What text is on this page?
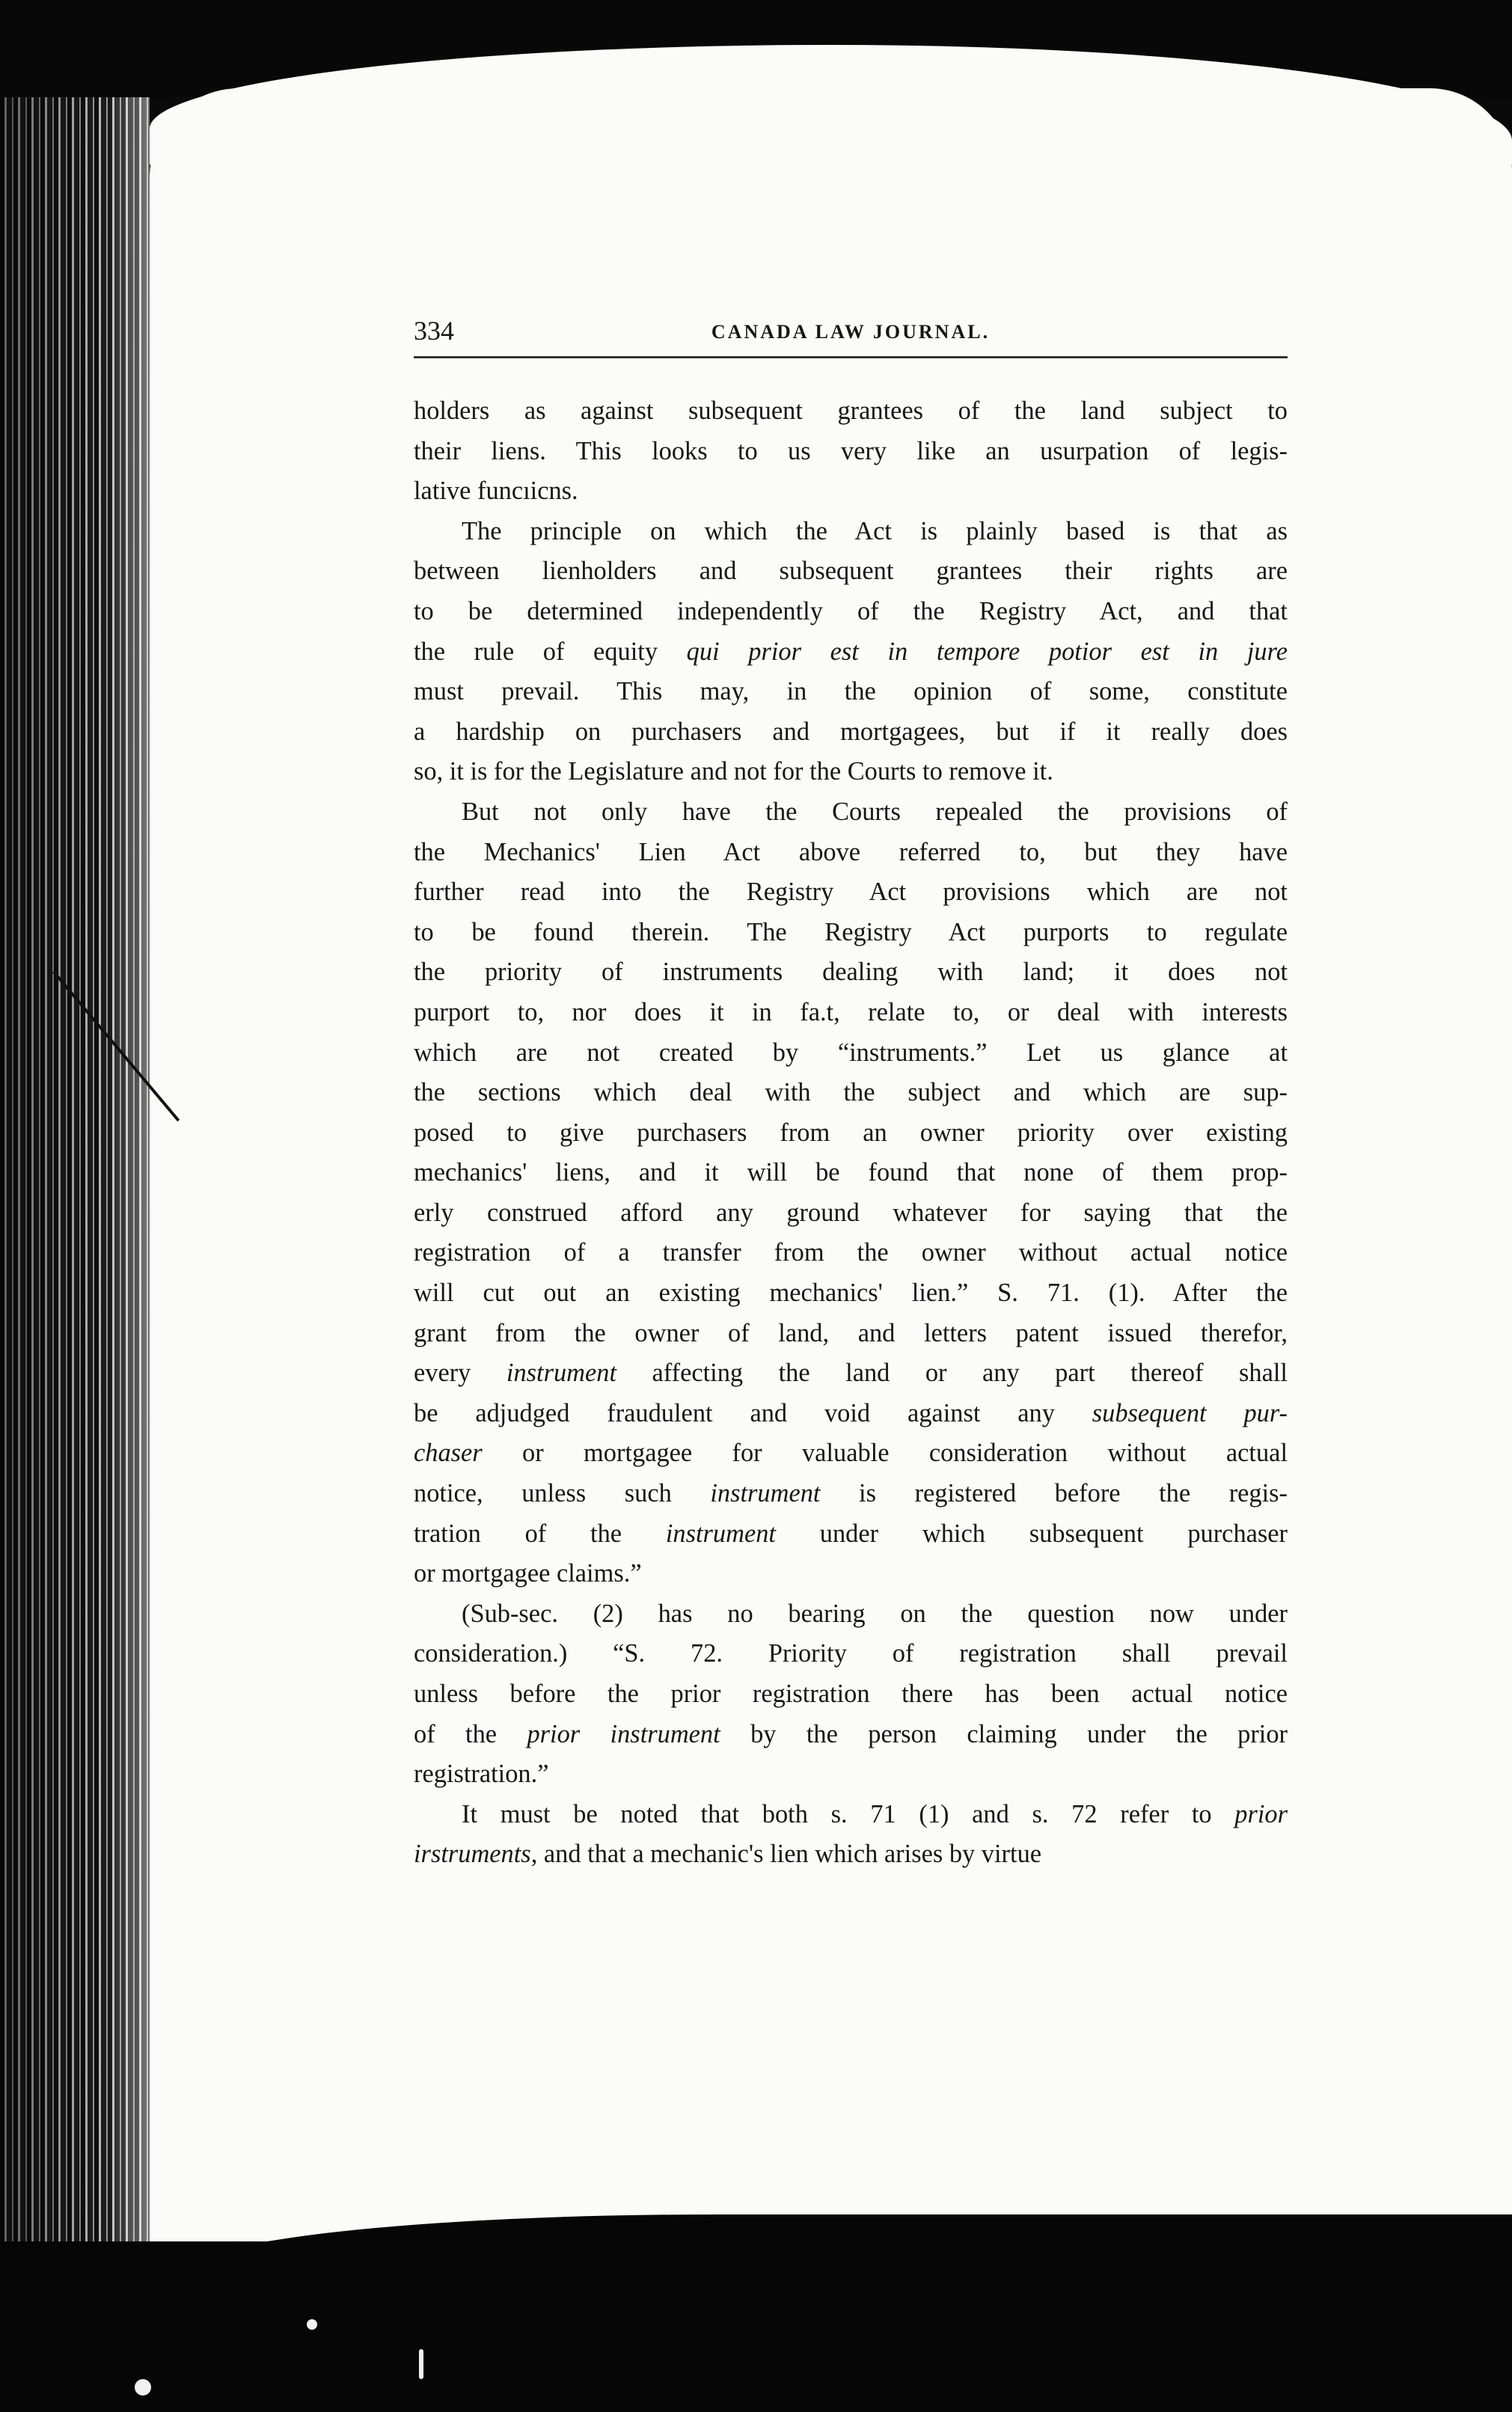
334	CANADA LAW JOURNAL.

holders as against subsequent grantees of the land subject to
their liens. This looks to us very like an usurpation of legis-
lative funcıicns.

The principle on which the Act is plainly based is that as
between lienholders and subsequent grantees their rights are
to be determined independently of the Registry Act, and that
the rule of equity qui prior est in tempore potior est in jure
must prevail. This may, in the opinion of some, constitute
a hardship on purchasers and mortgagees, but if it really does
so, it is for the Legislature and not for the Courts to remove it.

But not only have the Courts repealed the provisions of
the Mechanics' Lien Act above referred to, but they have
further read into the Registry Act provisions which are not
to be found therein. The Registry Act purports to regulate
the priority of instruments dealing with land; it does not
purport to, nor does it in fa.t, relate to, or deal with interests
which are not created by “instruments.” Let us glance at
the sections which deal with the subject and which are sup-
posed to give purchasers from an owner priority over existing
mechanics' liens, and it will be found that none of them prop-
erly construed afford any ground whatever for saying that the
registration of a transfer from the owner without actual notice
will cut out an existing mechanics' lien.” S. 71. (1). After the
grant from the owner of land, and letters patent issued therefor,
every instrument affecting the land or any part thereof shall
be adjudged fraudulent and void against any subsequent pur-
chaser or mortgagee for valuable consideration without actual
notice, unless such instrument is registered before the regis-
tration of the instrument under which subsequent purchaser
or mortgagee claims.”

(Sub-sec. (2) has no bearing on the question now under
consideration.) “S. 72. Priority of registration shall prevail
unless before the prior registration there has been actual notice
of the prior instrument by the person claiming under the prior
registration.”

It must be noted that both s. 71 (1) and s. 72 refer to prior
irstruments, and that a mechanic's lien which arises by virtue
